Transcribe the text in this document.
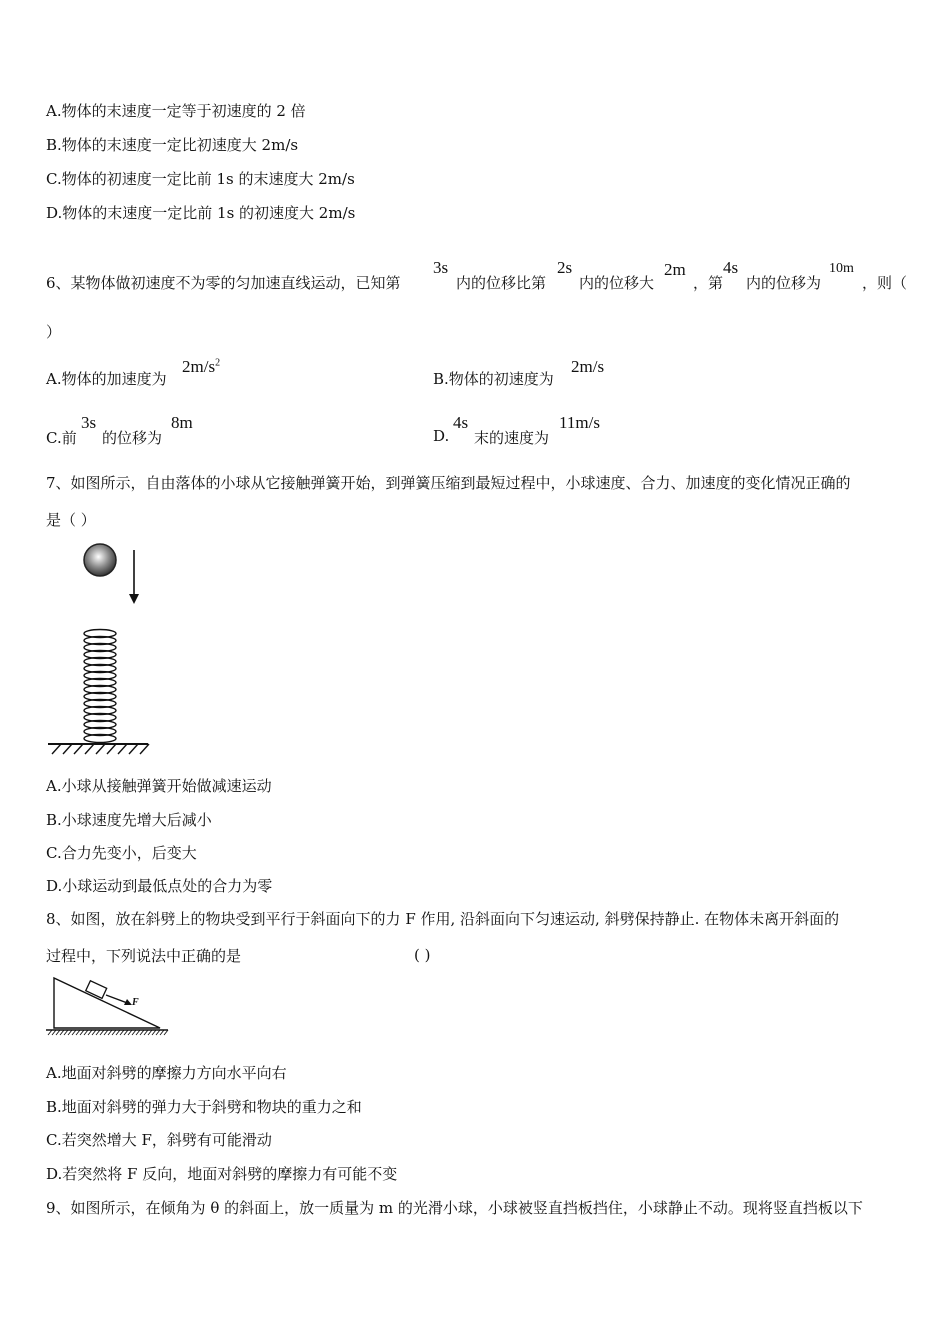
A.物体的末速度一定等于初速度的 2 倍
B.物体的末速度一定比初速度大 2m/s
C.物体的初速度一定比前 1s 的末速度大 2m/s
D.物体的末速度一定比前 1s 的初速度大 2m/s
6、某物体做初速度不为零的匀加速直线运动，已知第
3s
内的位移比第
2s
内的位移大
2m
，第
4s
内的位移为
10m
，则（
）
A.物体的加速度为
$2m/s^2$
B.物体的初速度为
2m/s
C.前
3s
的位移为
8m
D.
4s
末的速度为
11m/s
7、如图所示，自由落体的小球从它接触弹簧开始，到弹簧压缩到最短过程中，小球速度、合力、加速度的变化情况正确的
是（ ）
A.小球从接触弹簧开始做减速运动
B.小球速度先增大后减小
C.合力先变小，后变大
D.小球运动到最低点处的合力为零
8、如图，放在斜劈上的物块受到平行于斜面向下的力 F 作用, 沿斜面向下匀速运动, 斜劈保持静止. 在物体未离开斜面的
过程中，下列说法中正确的是	( )
F
A.地面对斜劈的摩擦力方向水平向右
B.地面对斜劈的弹力大于斜劈和物块的重力之和
C.若突然增大 F，斜劈有可能滑动
D.若突然将 F 反向，地面对斜劈的摩擦力有可能不变
9、如图所示，在倾角为 θ 的斜面上，放一质量为 m 的光滑小球，小球被竖直挡板挡住，小球静止不动。现将竖直挡板以下
